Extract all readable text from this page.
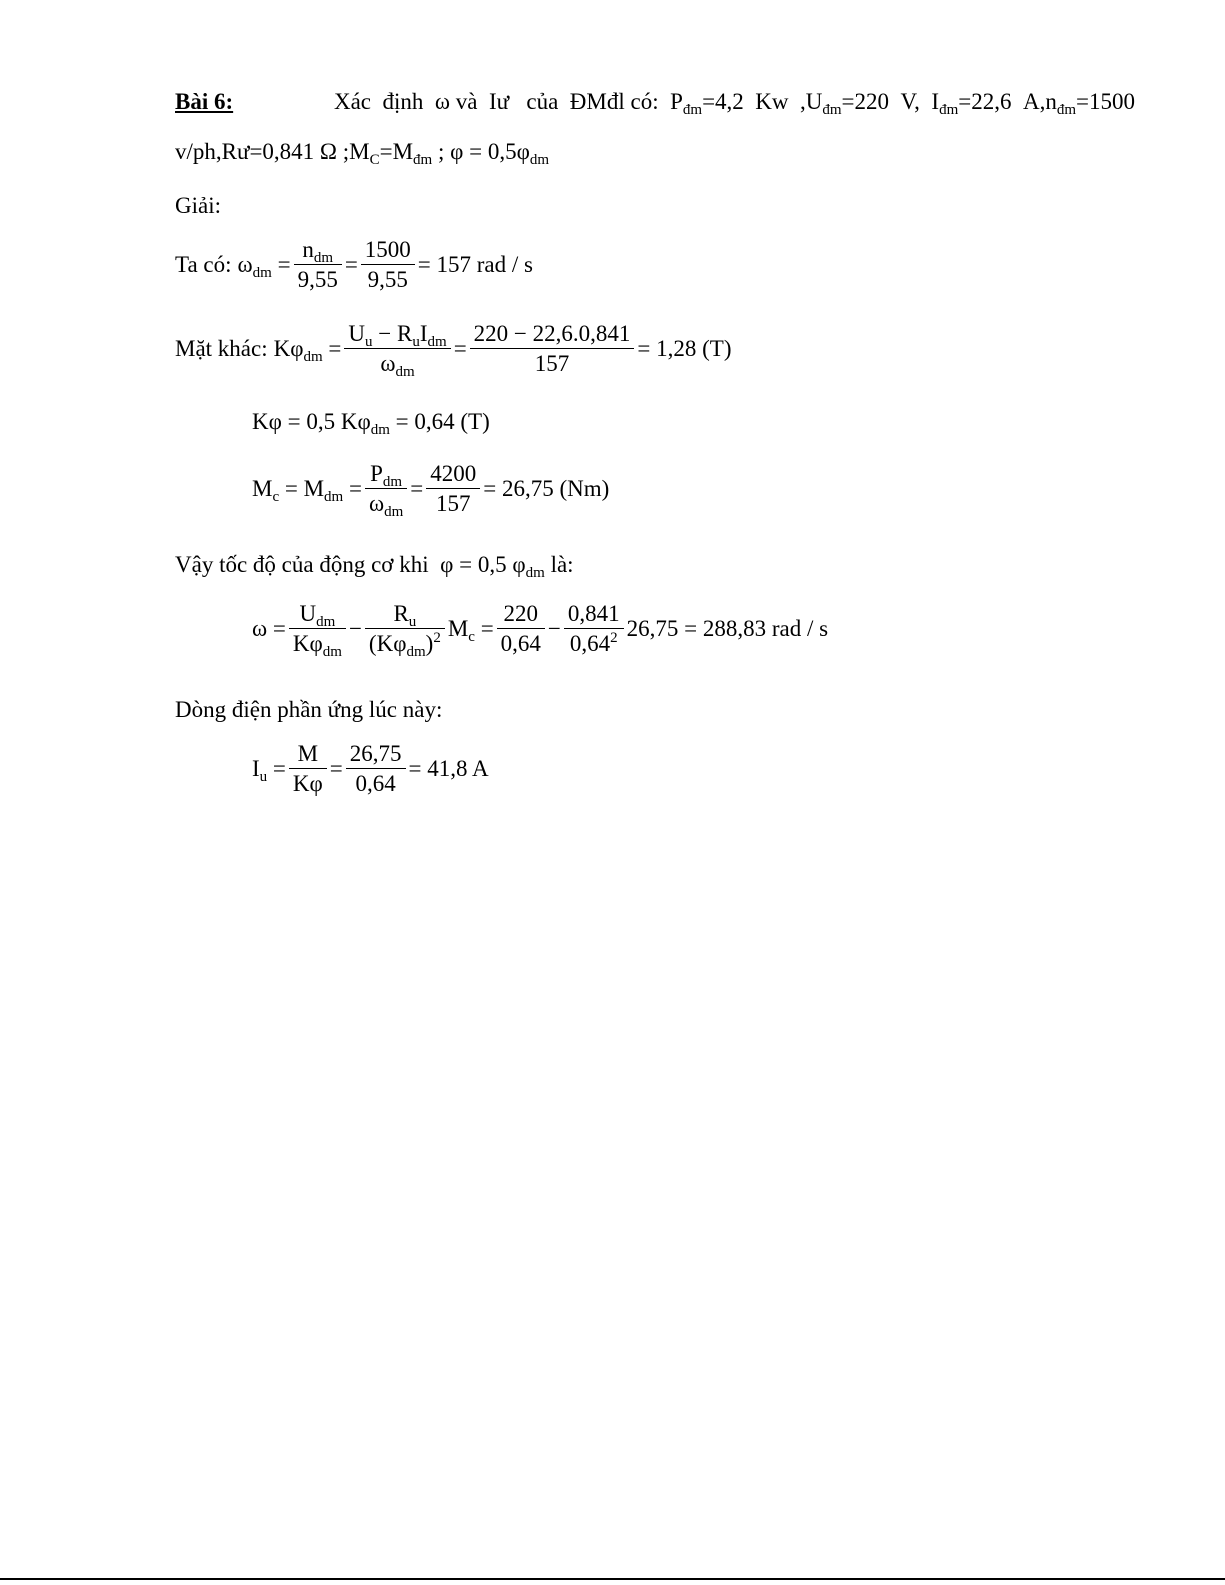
Bài 6:	Xác  định  ω và  Iư   của  ĐMđl có:  $P_{đm}=4,2$  Kw  $,U_{đm}=220$  V,  $I_{đm}=22,6$  $A,n_{đm}=1500$
v/ph,Rư=0,841 Ω $;M_C=M_{đm}$ ; $\varphi = 0,5\varphi_{dm}$
Giải:
Ta có: $\omega_{dm} = \frac{n_{dm}}{9,55} = \frac{1500}{9,55} = 157$ rad / s
Mặt khác: $K\varphi_{dm} = \frac{U_u - R_uI_{dm}}{\omega_{dm}} = \frac{220 - 22,6.0,841}{157} = 1,28$ (T)
Kφ = 0,5 $K\varphi_{dm} = 0,64$ (T)
$M_c = M_{dm} = \frac{P_{dm}}{\omega_{dm}} = \frac{4200}{157} = 26,75$ (Nm)
Vậy tốc độ của động cơ khi  φ = 0,5 $\varphi_{dm}$ là:
$\omega = \frac{U_{dm}}{K\varphi_{dm}} - \frac{R_u}{(K\varphi_{dm})^2} M_c = \frac{220}{0,64} - \frac{0,841}{0,64^2} 26,75 = 288,83$ rad / s
Dòng điện phần ứng lúc này:
$I_u = \frac{M}{K\varphi} = \frac{26,75}{0,64} = 41,8$ A
